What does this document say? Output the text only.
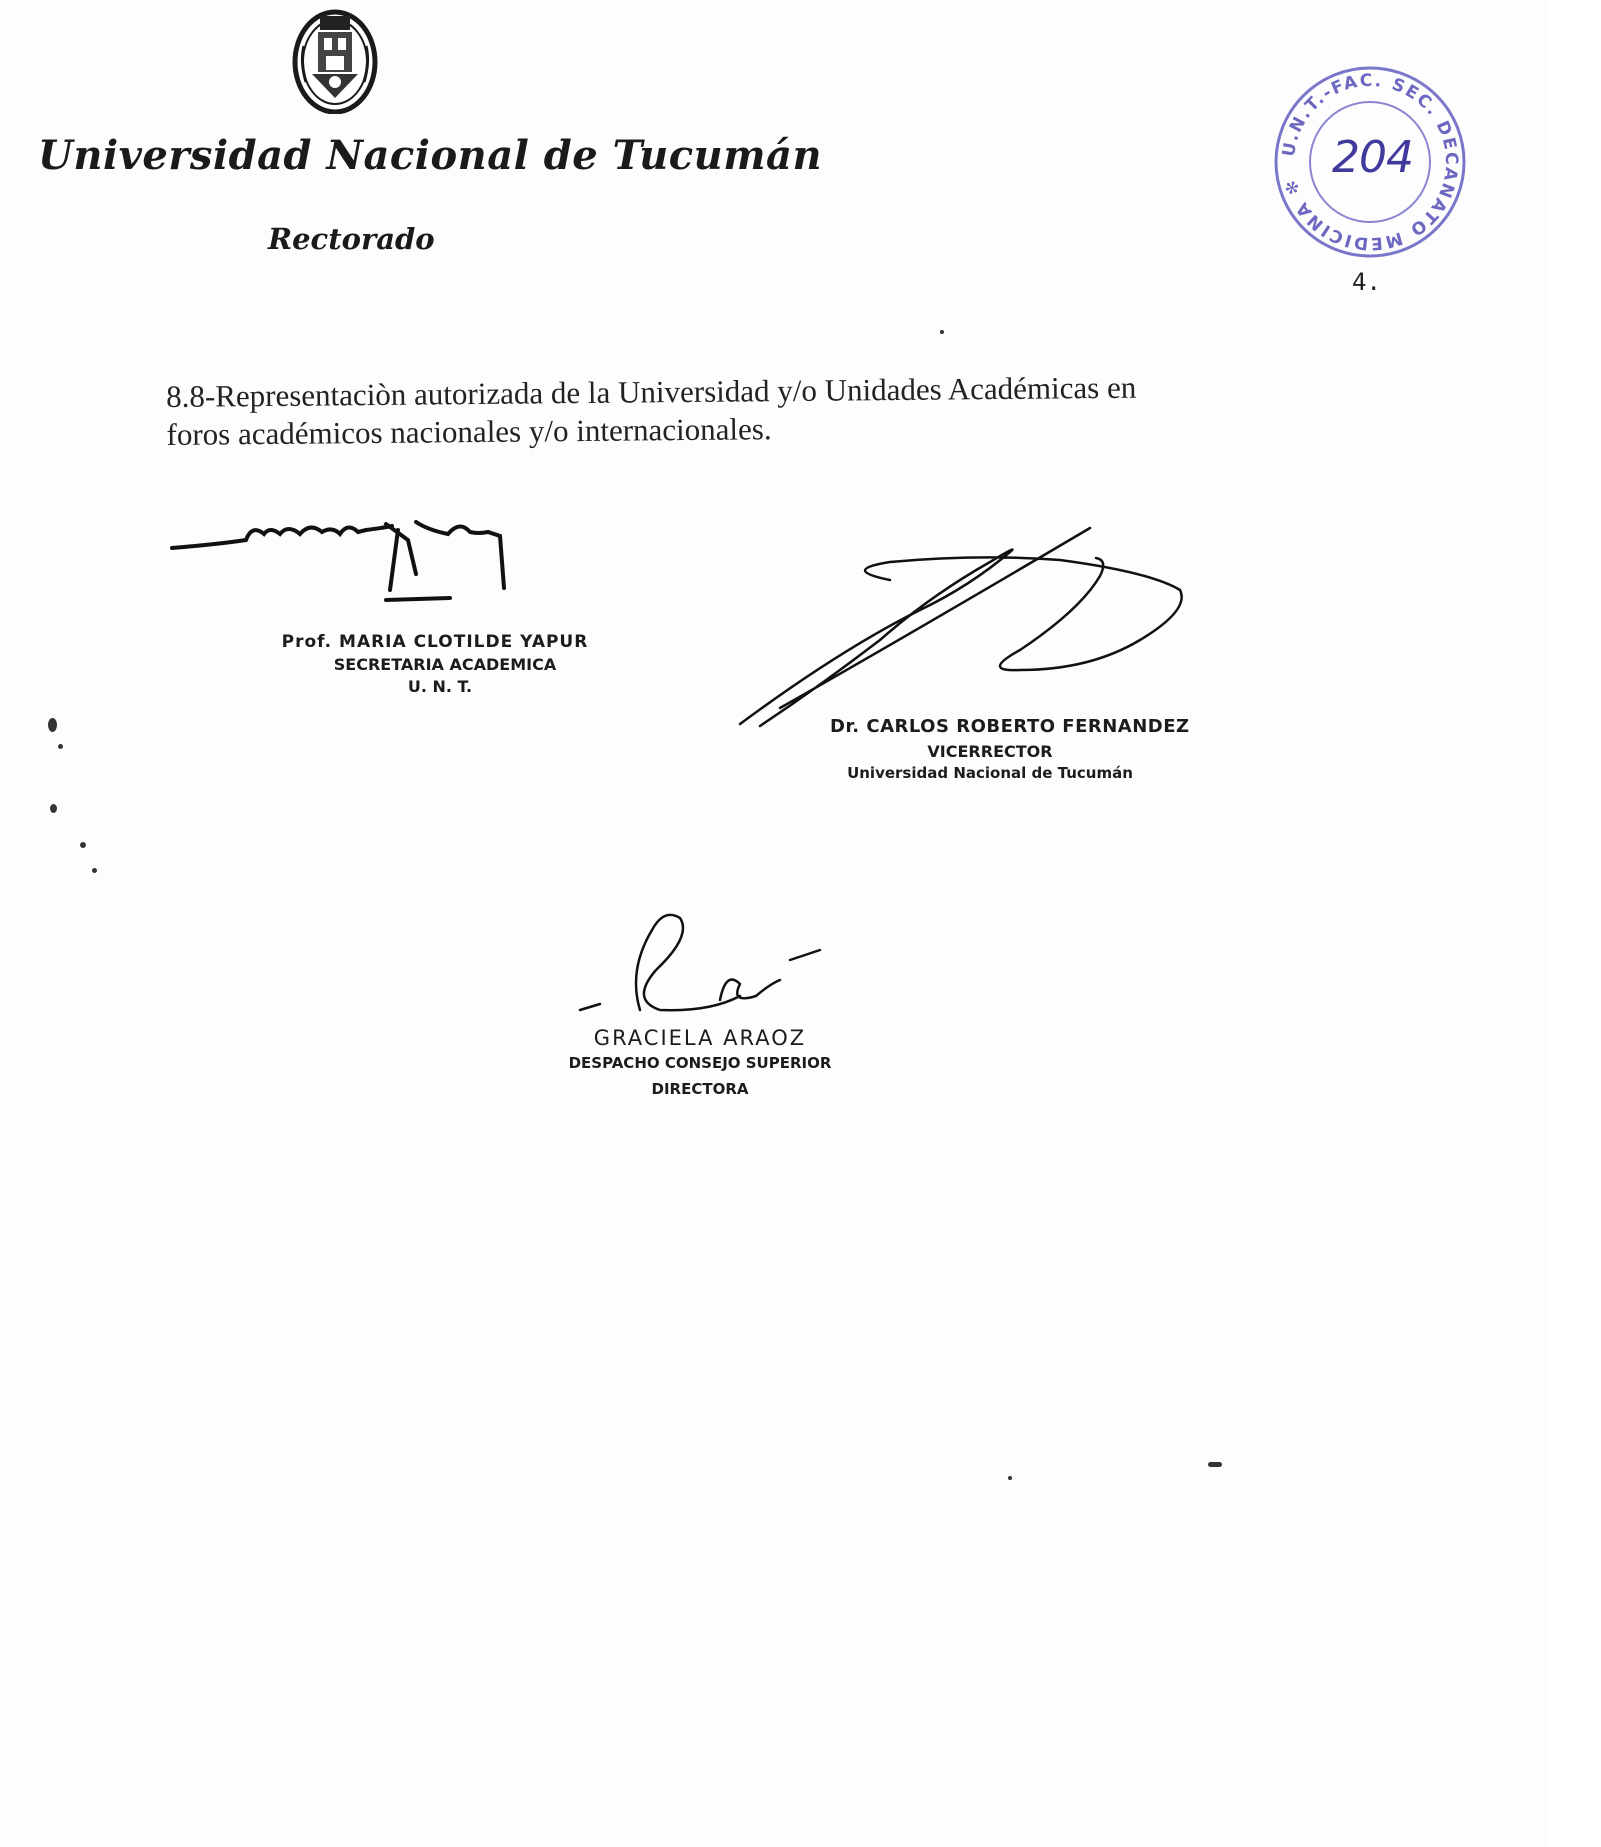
Universidad Nacional de Tucumán
Rectorado
U.N.T.-FAC. SEC. DECANATO MEDICINA ✻
204
4.
8.8-Representaciòn autorizada de la Universidad y/o Unidades Académicas en
foros académicos nacionales y/o internacionales.
Prof. MARIA CLOTILDE YAPUR
SECRETARIA ACADEMICA
U. N. T.
Dr. CARLOS ROBERTO FERNANDEZ
VICERRECTOR
Universidad Nacional de Tucumán
GRACIELA ARAOZ
DESPACHO CONSEJO SUPERIOR
DIRECTORA
